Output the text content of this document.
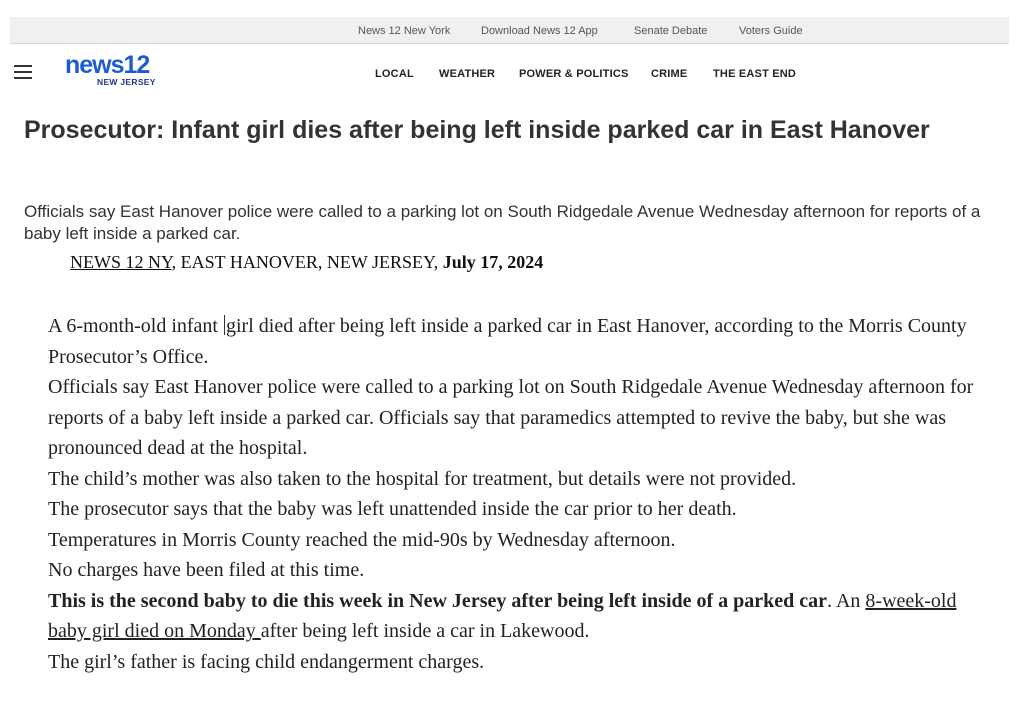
News 12 New York	Download News 12 App	Senate Debate	Voters Guide
news12
NEW JERSEY
LOCAL WEATHER POWER & POLITICS CRIME THE EAST END
Prosecutor: Infant girl dies after being left inside parked car in East Hanover

Officials say East Hanover police were called to a parking lot on South Ridgedale Avenue Wednesday afternoon for reports of a baby left inside a parked car.

NEWS 12 NY, EAST HANOVER, NEW JERSEY, July 17, 2024

A 6-month-old infant girl died after being left inside a parked car in East Hanover, according to the Morris County Prosecutor’s Office.

Officials say East Hanover police were called to a parking lot on South Ridgedale Avenue Wednesday afternoon for reports of a baby left inside a parked car. Officials say that paramedics attempted to revive the baby, but she was pronounced dead at the hospital.

The child’s mother was also taken to the hospital for treatment, but details were not provided.

The prosecutor says that the baby was left unattended inside the car prior to her death.

Temperatures in Morris County reached the mid-90s by Wednesday afternoon.

No charges have been filed at this time.

This is the second baby to die this week in New Jersey after being left inside of a parked car. An 8-week-old baby girl died on Monday after being left inside a car in Lakewood.

The girl’s father is facing child endangerment charges.
